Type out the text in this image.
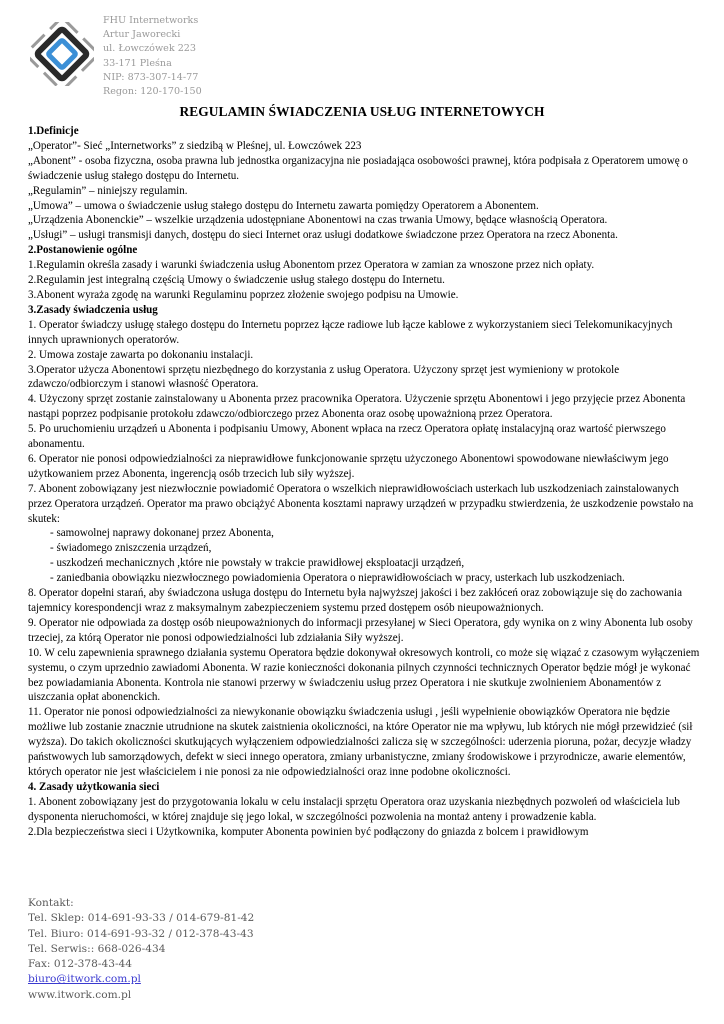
FHU Internetworks
Artur Jaworecki
ul. Łowczówek 223
33-171 Pleśna
NIP: 873-307-14-77
Regon: 120-170-150
REGULAMIN ŚWIADCZENIA USŁUG INTERNETOWYCH

1.Definicje

„Operator”- Sieć „Internetworks” z siedzibą w Pleśnej, ul. Łowczówek 223

„Abonent” - osoba fizyczna, osoba prawna lub jednostka organizacyjna nie posiadająca osobowości prawnej, która podpisała z Operatorem umowę o świadczenie usług stałego dostępu do Internetu.

„Regulamin” – niniejszy regulamin.

„Umowa” – umowa o świadczenie usług stałego dostępu do Internetu zawarta pomiędzy Operatorem a Abonentem.

„Urządzenia Abonenckie” – wszelkie urządzenia udostępniane Abonentowi na czas trwania Umowy, będące własnością Operatora.

„Usługi” – usługi transmisji danych, dostępu do sieci Internet oraz usługi dodatkowe świadczone przez Operatora na rzecz Abonenta.

2.Postanowienie ogólne

1.Regulamin określa zasady i warunki świadczenia usług Abonentom przez Operatora w zamian za wnoszone przez nich opłaty.

2.Regulamin jest integralną częścią Umowy o świadczenie usług stałego dostępu do Internetu.

3.Abonent wyraża zgodę na warunki Regulaminu poprzez złożenie swojego podpisu na Umowie.

3.Zasady świadczenia usług

1. Operator świadczy usługę stałego dostępu do Internetu poprzez łącze radiowe lub łącze kablowe z wykorzystaniem sieci Telekomunikacyjnych innych uprawnionych operatorów.

2. Umowa zostaje zawarta po dokonaniu instalacji.

3.Operator użycza Abonentowi sprzętu niezbędnego do korzystania z usług Operatora. Użyczony sprzęt jest wymieniony w protokole zdawczo/odbiorczym i stanowi własność Operatora.

4. Użyczony sprzęt zostanie zainstalowany u Abonenta przez pracownika Operatora. Użyczenie sprzętu Abonentowi i jego przyjęcie przez Abonenta nastąpi poprzez podpisanie protokołu zdawczo/odbiorczego przez Abonenta oraz osobę upoważnioną przez Operatora.

5. Po uruchomieniu urządzeń u Abonenta i podpisaniu Umowy, Abonent wpłaca na rzecz Operatora opłatę instalacyjną oraz wartość pierwszego abonamentu.

6. Operator nie ponosi odpowiedzialności za nieprawidłowe funkcjonowanie sprzętu użyczonego Abonentowi spowodowane niewłaściwym jego użytkowaniem przez Abonenta, ingerencją osób trzecich lub siły wyższej.

7. Abonent zobowiązany jest niezwłocznie powiadomić Operatora o wszelkich nieprawidłowościach usterkach lub uszkodzeniach zainstalowanych przez Operatora urządzeń. Operator ma prawo obciążyć Abonenta kosztami naprawy urządzeń w przypadku stwierdzenia, że uszkodzenie powstało na skutek:

- samowolnej naprawy dokonanej przez Abonenta,

- świadomego zniszczenia urządzeń,

- uszkodzeń mechanicznych ,które nie powstały w trakcie prawidłowej eksploatacji urządzeń,

- zaniedbania obowiązku niezwłocznego powiadomienia Operatora o nieprawidłowościach w pracy, usterkach lub uszkodzeniach.

8. Operator dopełni starań, aby świadczona usługa dostępu do Internetu była najwyższej jakości i bez zakłóceń oraz zobowiązuje się do zachowania tajemnicy korespondencji wraz z maksymalnym zabezpieczeniem systemu przed dostępem osób nieupoważnionych.

9. Operator nie odpowiada za dostęp osób nieupoważnionych do informacji przesyłanej w Sieci Operatora, gdy wynika on z winy Abonenta lub osoby trzeciej, za którą Operator nie ponosi odpowiedzialności lub zdziałania Siły wyższej.

10. W celu zapewnienia sprawnego działania systemu Operatora będzie dokonywał okresowych kontroli, co może się wiązać z czasowym wyłączeniem systemu, o czym uprzednio zawiadomi Abonenta. W razie konieczności dokonania pilnych czynności technicznych Operator będzie mógł je wykonać bez powiadamiania Abonenta. Kontrola nie stanowi przerwy w świadczeniu usług przez Operatora i nie skutkuje zwolnieniem Abonamentów z uiszczania opłat abonenckich.

11. Operator nie ponosi odpowiedzialności za niewykonanie obowiązku świadczenia usługi , jeśli wypełnienie obowiązków Operatora nie będzie możliwe lub zostanie znacznie utrudnione na skutek zaistnienia okoliczności, na które Operator nie ma wpływu, lub których nie mógł przewidzieć (sił wyższa). Do takich okoliczności skutkujących wyłączeniem odpowiedzialności zalicza się w szczególności: uderzenia pioruna, pożar, decyzje władzy państwowych lub samorządowych, defekt w sieci innego operatora, zmiany urbanistyczne, zmiany środowiskowe i przyrodnicze, awarie elementów, których operator nie jest właścicielem i nie ponosi za nie odpowiedzialności oraz inne podobne okoliczności.

4. Zasady użytkowania sieci

1. Abonent zobowiązany jest do przygotowania lokalu w celu instalacji sprzętu Operatora oraz uzyskania niezbędnych pozwoleń od właściciela lub dysponenta nieruchomości, w której znajduje się jego lokal, w szczególności pozwolenia na montaż anteny i prowadzenie kabla.

2.Dla bezpieczeństwa sieci i Użytkownika, komputer Abonenta powinien być podłączony do gniazda z bolcem i prawidłowym

Kontakt:
Tel. Sklep: 014-691-93-33 / 014-679-81-42
Tel. Biuro: 014-691-93-32 / 012-378-43-43
Tel. Serwis:: 668-026-434
Fax: 012-378-43-44
biuro@itwork.com.pl
www.itwork.com.pl
